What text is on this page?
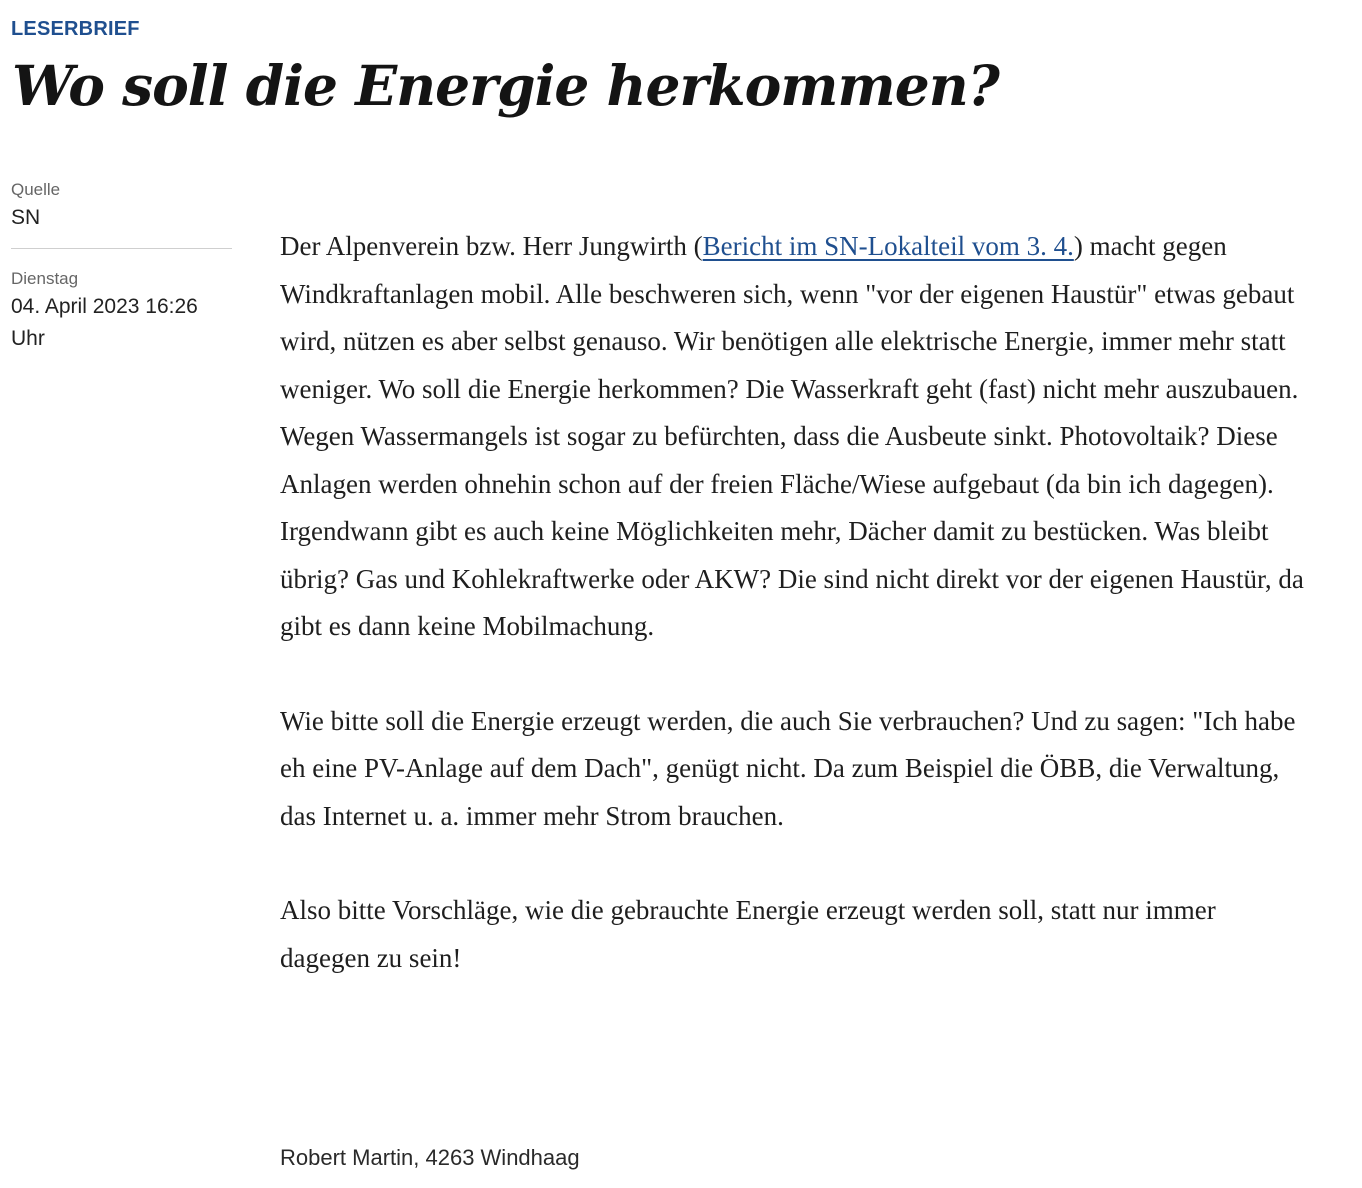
LESERBRIEF
Wo soll die Energie herkommen?
Quelle
SN
Dienstag
04. April 2023 16:26 Uhr

Der Alpenverein bzw. Herr Jungwirth (Bericht im SN-Lokalteil vom 3. 4.) macht gegen Windkraftanlagen mobil. Alle beschweren sich, wenn "vor der eigenen Haustür" etwas gebaut wird, nützen es aber selbst genauso. Wir benötigen alle elektrische Energie, immer mehr statt weniger. Wo soll die Energie herkommen? Die Wasserkraft geht (fast) nicht mehr auszubauen. Wegen Wassermangels ist sogar zu befürchten, dass die Ausbeute sinkt. Photovoltaik? Diese Anlagen werden ohnehin schon auf der freien Fläche/Wiese aufgebaut (da bin ich dagegen). Irgendwann gibt es auch keine Möglichkeiten mehr, Dächer damit zu bestücken. Was bleibt übrig? Gas und Kohlekraftwerke oder AKW? Die sind nicht direkt vor der eigenen Haustür, da gibt es dann keine Mobilmachung.

Wie bitte soll die Energie erzeugt werden, die auch Sie verbrauchen? Und zu sagen: "Ich habe eh eine PV-Anlage auf dem Dach", genügt nicht. Da zum Beispiel die ÖBB, die Verwaltung, das Internet u. a. immer mehr Strom brauchen.

Also bitte Vorschläge, wie die gebrauchte Energie erzeugt werden soll, statt nur immer dagegen zu sein!

Robert Martin, 4263 Windhaag
